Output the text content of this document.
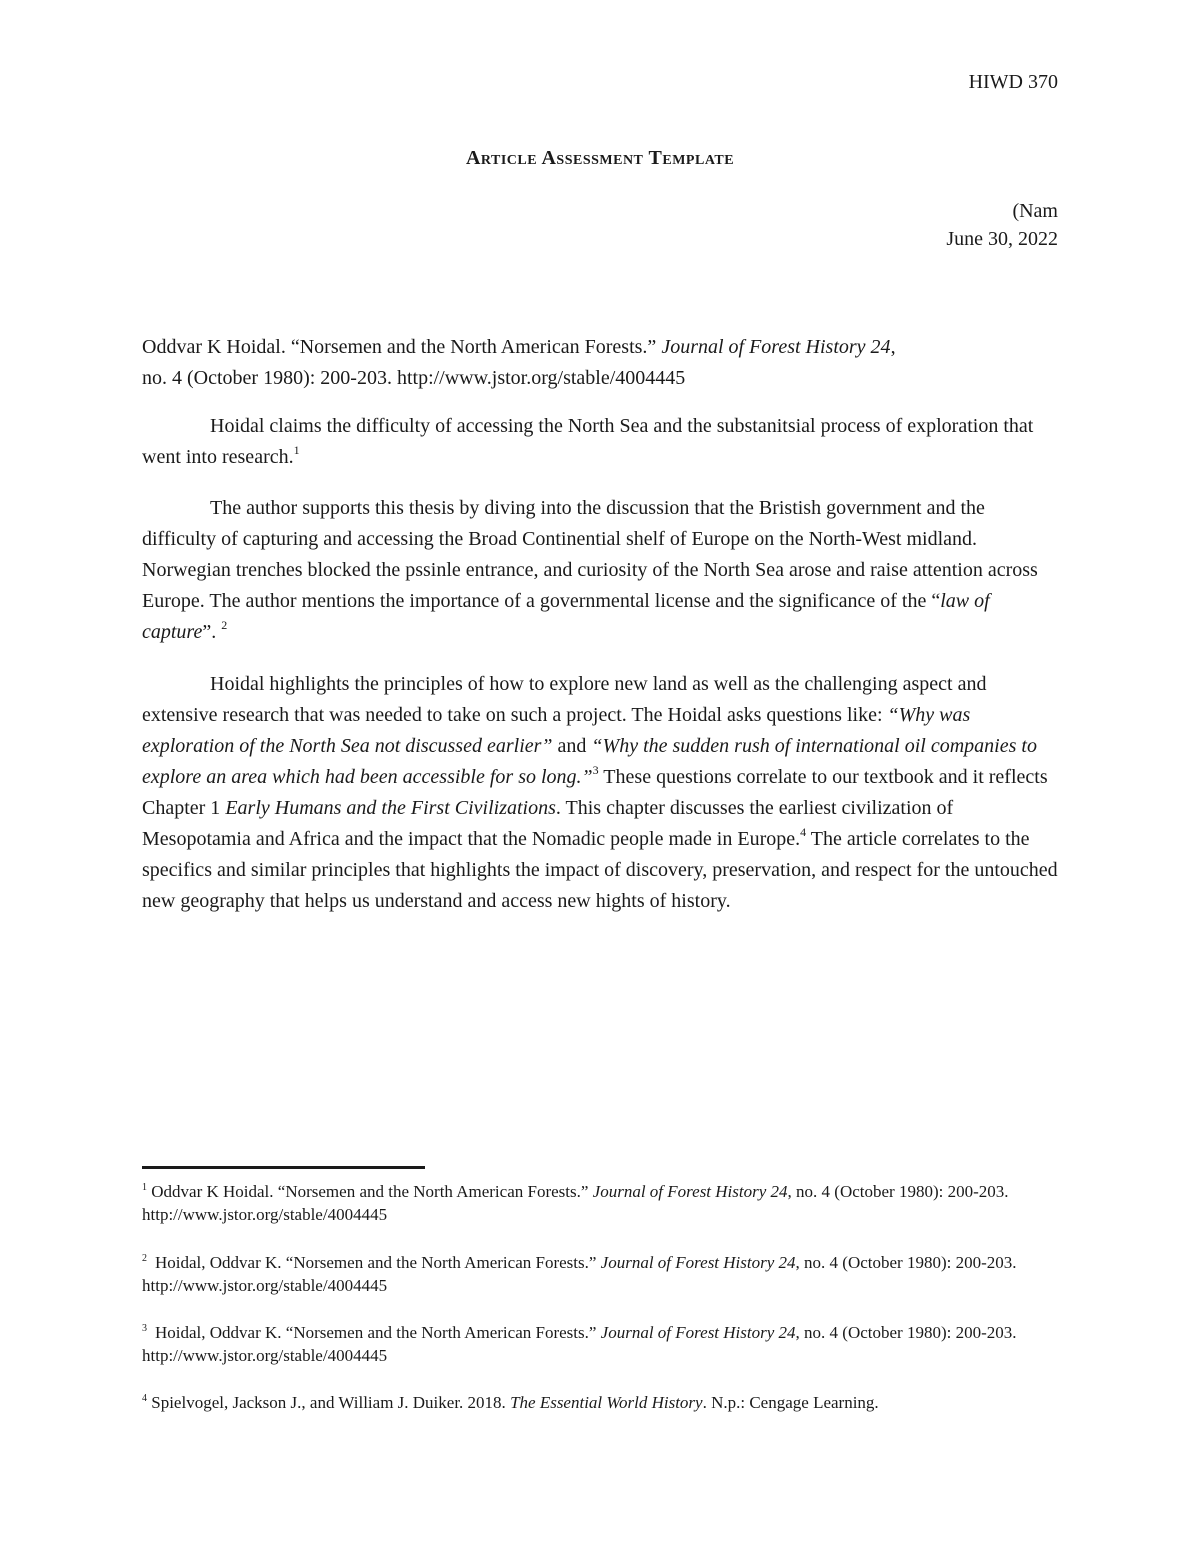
HIWD 370
Article Assessment Template
(Nam
June 30, 2022

Oddvar K Hoidal. “Norsemen and the North American Forests.” Journal of Forest History 24,

no. 4 (October 1980): 200-203. http://www.jstor.org/stable/4004445

Hoidal claims the difficulty of accessing the North Sea and the substanitsial process of exploration that went into research.$^1$

The author supports this thesis by diving into the discussion that the Bristish government and the difficulty of capturing and accessing the Broad Continential shelf of Europe on the North-West midland. Norwegian trenches blocked the pssinle entrance, and curiosity of the North Sea arose and raise attention across Europe. The author mentions the importance of a governmental license and the significance of the “law of capture”. $^2$

Hoidal highlights the principles of how to explore new land as well as the challenging aspect and extensive research that was needed to take on such a project. The Hoidal asks questions like: “Why was exploration of the North Sea not discussed earlier” and “Why the sudden rush of international oil companies to explore an area which had been accessible for so long.”$^3$ These questions correlate to our textbook and it reflects Chapter 1 Early Humans and the First Civilizations. This chapter discusses the earliest civilization of Mesopotamia and Africa and the impact that the Nomadic people made in Europe.$^4$ The article correlates to the specifics and similar principles that highlights the impact of discovery, preservation, and respect for the untouched new geography that helps us understand and access new hights of history.

$^1$ Oddvar K Hoidal. “Norsemen and the North American Forests.” Journal of Forest History 24, no. 4 (October 1980): 200-203. http://www.jstor.org/stable/4004445
$^2$ Hoidal, Oddvar K. “Norsemen and the North American Forests.” Journal of Forest History 24, no. 4 (October 1980): 200-203. http://www.jstor.org/stable/4004445
$^3$ Hoidal, Oddvar K. “Norsemen and the North American Forests.” Journal of Forest History 24, no. 4 (October 1980): 200-203. http://www.jstor.org/stable/4004445
$^4$ Spielvogel, Jackson J., and William J. Duiker. 2018. The Essential World History. N.p.: Cengage Learning.
